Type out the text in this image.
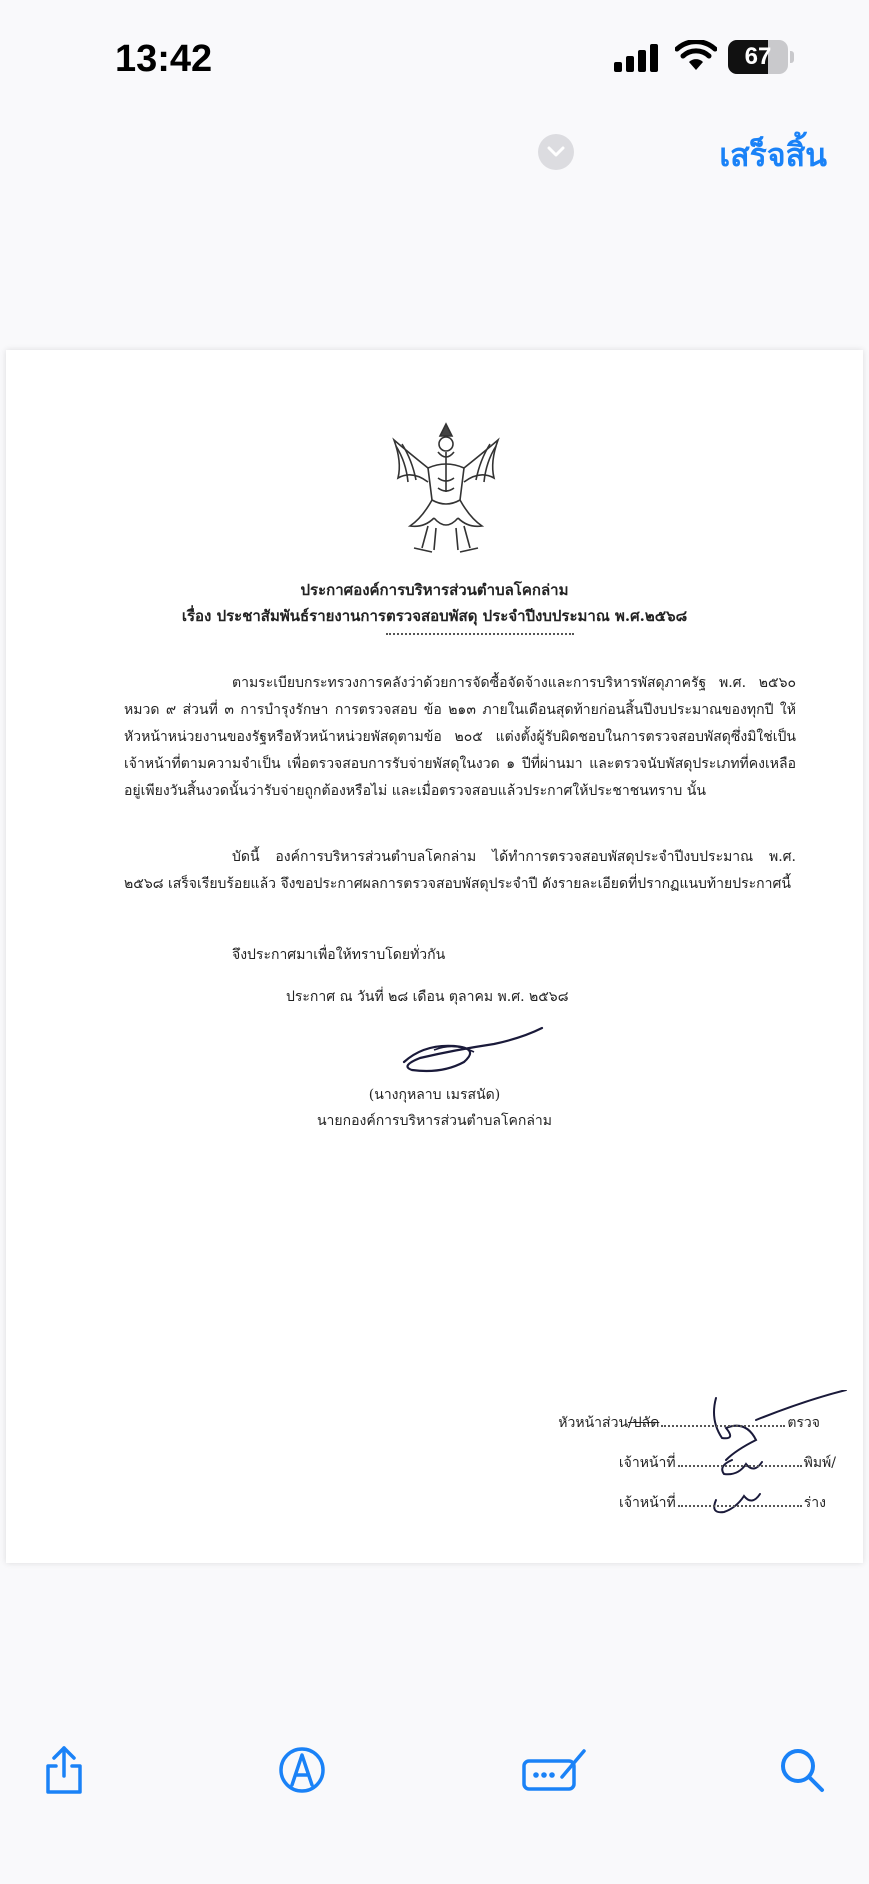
13:42	67
เสร็จสิ้น
ประกาศองค์การบริหารส่วนตำบลโคกล่าม
เรื่อง ประชาสัมพันธ์รายงานการตรวจสอบพัสดุ ประจำปีงบประมาณ พ.ศ.๒๕๖๘
ตามระเบียบกระทรวงการคลังว่าด้วยการจัดซื้อจัดจ้างและการบริหารพัสดุภาครัฐ พ.ศ. ๒๕๖๐ หมวด ๙ ส่วนที่ ๓ การบำรุงรักษา การตรวจสอบ ข้อ ๒๑๓ ภายในเดือนสุดท้ายก่อนสิ้นปีงบประมาณของทุกปี ให้หัวหน้าหน่วยงานของรัฐหรือหัวหน้าหน่วยพัสดุตามข้อ ๒๐๕ แต่งตั้งผู้รับผิดชอบในการตรวจสอบพัสดุซึ่งมิใช่เป็นเจ้าหน้าที่ตามความจำเป็น เพื่อตรวจสอบการรับจ่ายพัสดุในงวด ๑ ปีที่ผ่านมา และตรวจนับพัสดุประเภทที่คงเหลืออยู่เพียงวันสิ้นงวดนั้นว่ารับจ่ายถูกต้องหรือไม่ และเมื่อตรวจสอบแล้วประกาศให้ประชาชนทราบ นั้น
บัดนี้ องค์การบริหารส่วนตำบลโคกล่าม ได้ทำการตรวจสอบพัสดุประจำปีงบประมาณ พ.ศ. ๒๕๖๘ เสร็จเรียบร้อยแล้ว จึงขอประกาศผลการตรวจสอบพัสดุประจำปี ดังรายละเอียดที่ปรากฏแนบท้ายประกาศนี้
จึงประกาศมาเพื่อให้ทราบโดยทั่วกัน
ประกาศ ณ วันที่ ๒๘ เดือน ตุลาคม พ.ศ. ๒๕๖๘
(นางกุหลาบ เมรสนัด)
นายกองค์การบริหารส่วนตำบลโคกล่าม
หัวหน้าส่วน/ปลัด	ตรวจ
เจ้าหน้าที่	พิมพ์/
เจ้าหน้าที่	ร่าง
